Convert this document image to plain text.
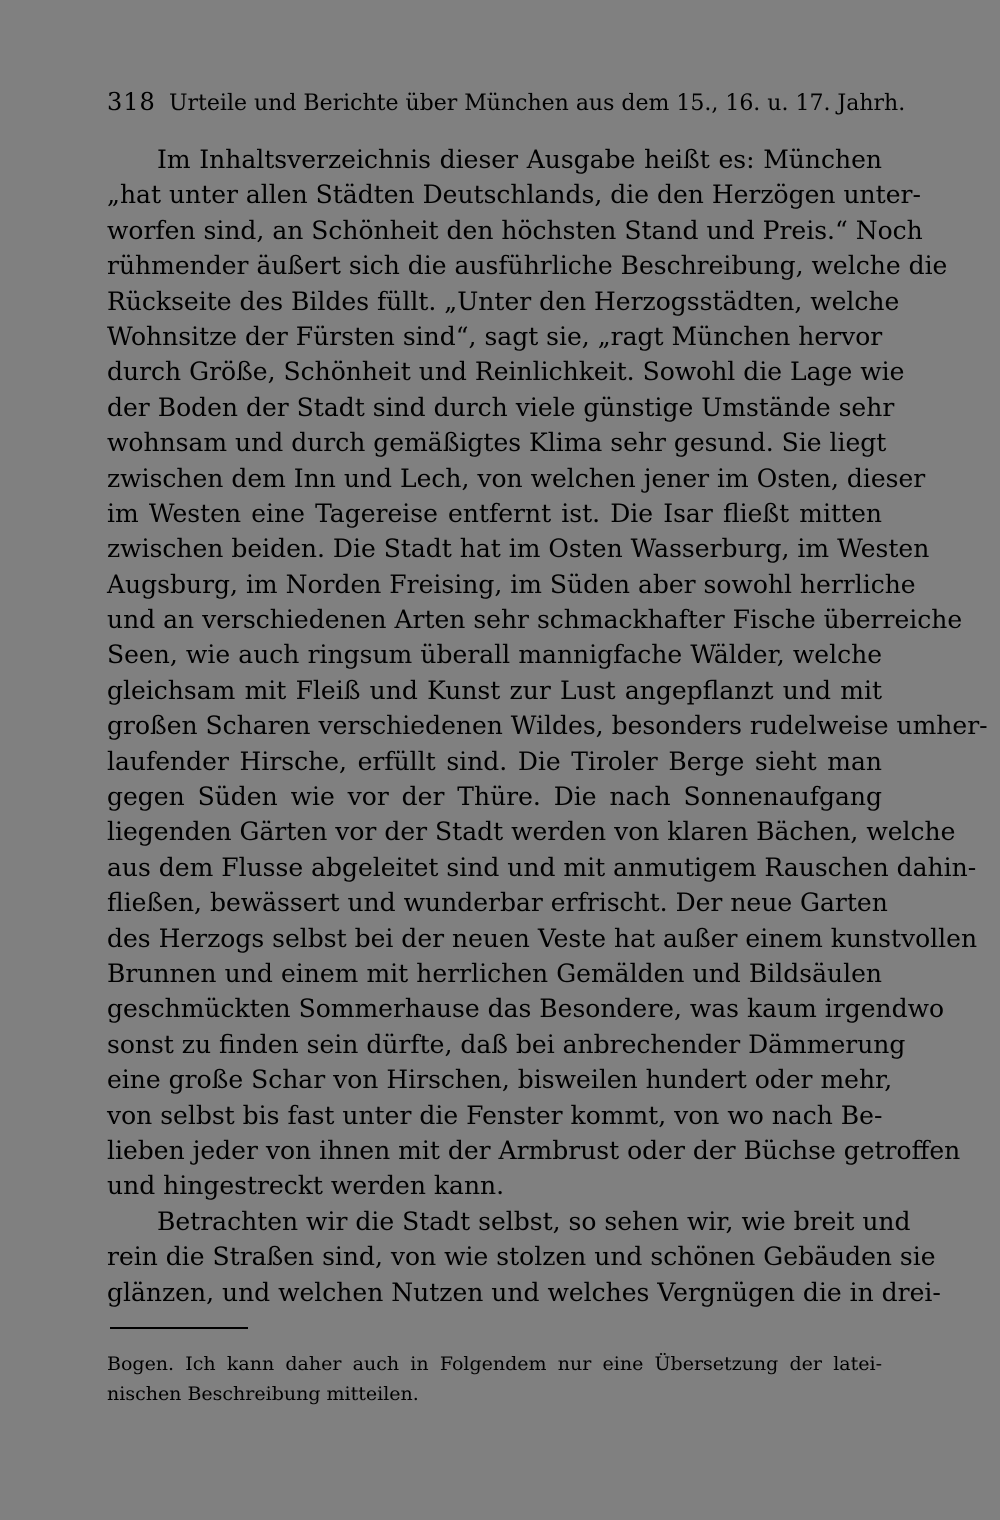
318 Urteile und Berichte über München aus dem 15., 16. u. 17. Jahrh.
Im Inhaltsverzeichnis dieser Ausgabe heißt es: München
„hat unter allen Städten Deutschlands, die den Herzögen unter-
worfen sind, an Schönheit den höchsten Stand und Preis.“ Noch
rühmender äußert sich die ausführliche Beschreibung, welche die
Rückseite des Bildes füllt. „Unter den Herzogsstädten, welche
Wohnsitze der Fürsten sind“, sagt sie, „ragt München hervor
durch Größe, Schönheit und Reinlichkeit. Sowohl die Lage wie
der Boden der Stadt sind durch viele günstige Umstände sehr
wohnsam und durch gemäßigtes Klima sehr gesund. Sie liegt
zwischen dem Inn und Lech, von welchen jener im Osten, dieser
im Westen eine Tagereise entfernt ist. Die Isar fließt mitten
zwischen beiden. Die Stadt hat im Osten Wasserburg, im Westen
Augsburg, im Norden Freising, im Süden aber sowohl herrliche
und an verschiedenen Arten sehr schmackhafter Fische überreiche
Seen, wie auch ringsum überall mannigfache Wälder, welche
gleichsam mit Fleiß und Kunst zur Lust angepflanzt und mit
großen Scharen verschiedenen Wildes, besonders rudelweise umher-
laufender Hirsche, erfüllt sind. Die Tiroler Berge sieht man
gegen Süden wie vor der Thüre. Die nach Sonnenaufgang
liegenden Gärten vor der Stadt werden von klaren Bächen, welche
aus dem Flusse abgeleitet sind und mit anmutigem Rauschen dahin-
fließen, bewässert und wunderbar erfrischt. Der neue Garten
des Herzogs selbst bei der neuen Veste hat außer einem kunstvollen
Brunnen und einem mit herrlichen Gemälden und Bildsäulen
geschmückten Sommerhause das Besondere, was kaum irgendwo
sonst zu finden sein dürfte, daß bei anbrechender Dämmerung
eine große Schar von Hirschen, bisweilen hundert oder mehr,
von selbst bis fast unter die Fenster kommt, von wo nach Be-
lieben jeder von ihnen mit der Armbrust oder der Büchse getroffen
und hingestreckt werden kann.
Betrachten wir die Stadt selbst, so sehen wir, wie breit und
rein die Straßen sind, von wie stolzen und schönen Gebäuden sie
glänzen, und welchen Nutzen und welches Vergnügen die in drei-
Bogen. Ich kann daher auch in Folgendem nur eine Übersetzung der latei-
nischen Beschreibung mitteilen.
